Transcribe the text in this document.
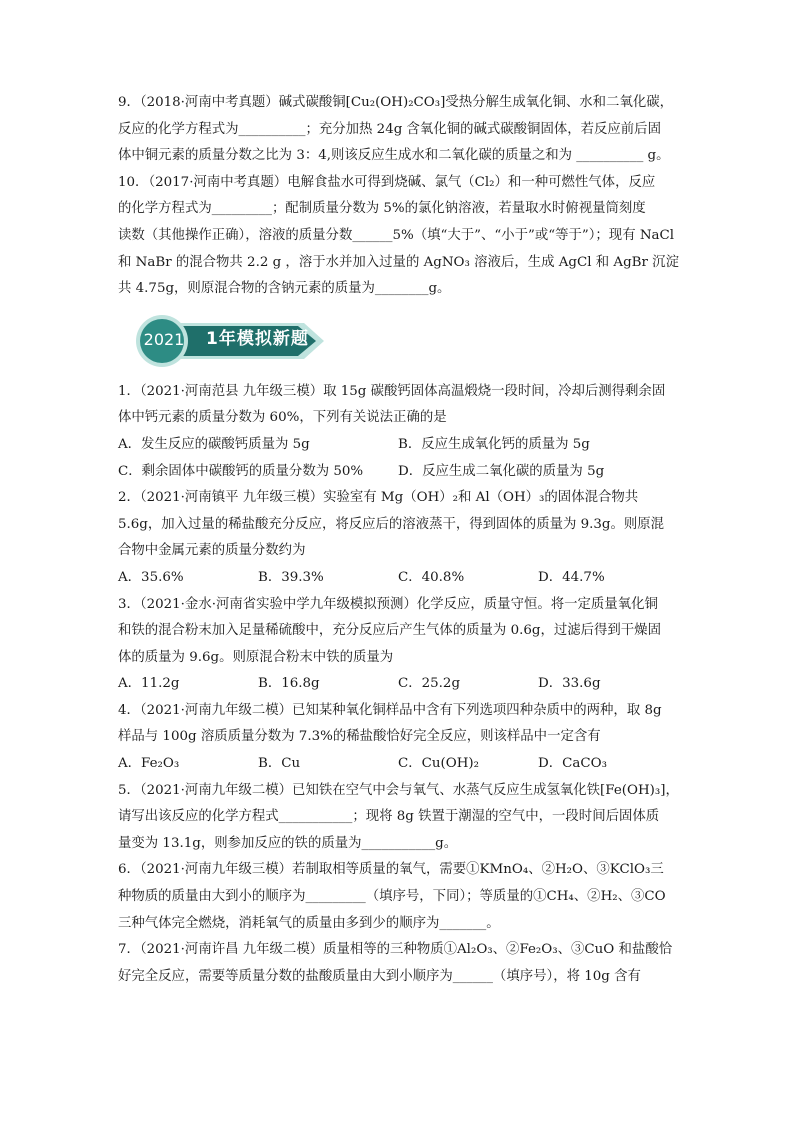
9．（2018·河南中考真题）碱式碳酸铜[Cu₂(OH)₂CO₃]受热分解生成氧化铜、水和二氧化碳，
反应的化学方程式为__________；充分加热 24g 含氧化铜的碱式碳酸铜固体，若反应前后固
体中铜元素的质量分数之比为 3：4,则该反应生成水和二氧化碳的质量之和为 __________ g。
10．（2017·河南中考真题）电解食盐水可得到烧碱、氯气（Cl₂）和一种可燃性气体，反应
的化学方程式为_________；配制质量分数为 5%的氯化钠溶液，若量取水时俯视量筒刻度
读数（其他操作正确），溶液的质量分数______5%（填“大于”、“小于”或“等于”）；现有 NaCl
和 NaBr 的混合物共 2.2 g ，溶于水并加入过量的 AgNO₃ 溶液后，生成 AgCl 和 AgBr 沉淀
共 4.75g，则原混合物的含钠元素的质量为________g。
2021	1年模拟新题
1．（2021·河南范县 九年级三模）取 15g 碳酸钙固体高温煅烧一段时间，冷却后测得剩余固
体中钙元素的质量分数为 60%，下列有关说法正确的是
A．发生反应的碳酸钙质量为 5g	B．反应生成氧化钙的质量为 5g
C．剩余固体中碳酸钙的质量分数为 50%	D．反应生成二氧化碳的质量为 5g
2．（2021·河南镇平 九年级三模）实验室有 Mg（OH）₂和 Al（OH）₃的固体混合物共
5.6g，加入过量的稀盐酸充分反应，将反应后的溶液蒸干，得到固体的质量为 9.3g。则原混
合物中金属元素的质量分数约为
A．35.6%	B．39.3%	C．40.8%	D．44.7%
3．（2021·金水·河南省实验中学九年级模拟预测）化学反应，质量守恒。将一定质量氧化铜
和铁的混合粉末加入足量稀硫酸中，充分反应后产生气体的质量为 0.6g，过滤后得到干燥固
体的质量为 9.6g。则原混合粉末中铁的质量为
A．11.2g	B．16.8g	C．25.2g	D．33.6g
4．（2021·河南九年级二模）已知某种氧化铜样品中含有下列选项四种杂质中的两种，取 8g
样品与 100g 溶质质量分数为 7.3%的稀盐酸恰好完全反应，则该样品中一定含有
A．Fe₂O₃	B．Cu	C．Cu(OH)₂	D．CaCO₃
5．（2021·河南九年级二模）已知铁在空气中会与氧气、水蒸气反应生成氢氧化铁[Fe(OH)₃]，
请写出该反应的化学方程式___________；现将 8g 铁置于潮湿的空气中，一段时间后固体质
量变为 13.1g，则参加反应的铁的质量为___________g。
6．（2021·河南九年级三模）若制取相等质量的氧气，需要①KMnO₄、②H₂O、③KClO₃三
种物质的质量由大到小的顺序为_________（填序号，下同）；等质量的①CH₄、②H₂、③CO
三种气体完全燃烧，消耗氧气的质量由多到少的顺序为_______。
7．（2021·河南许昌 九年级二模）质量相等的三种物质①Al₂O₃、②Fe₂O₃、③CuO 和盐酸恰
好完全反应，需要等质量分数的盐酸质量由大到小顺序为______（填序号），将 10g 含有
